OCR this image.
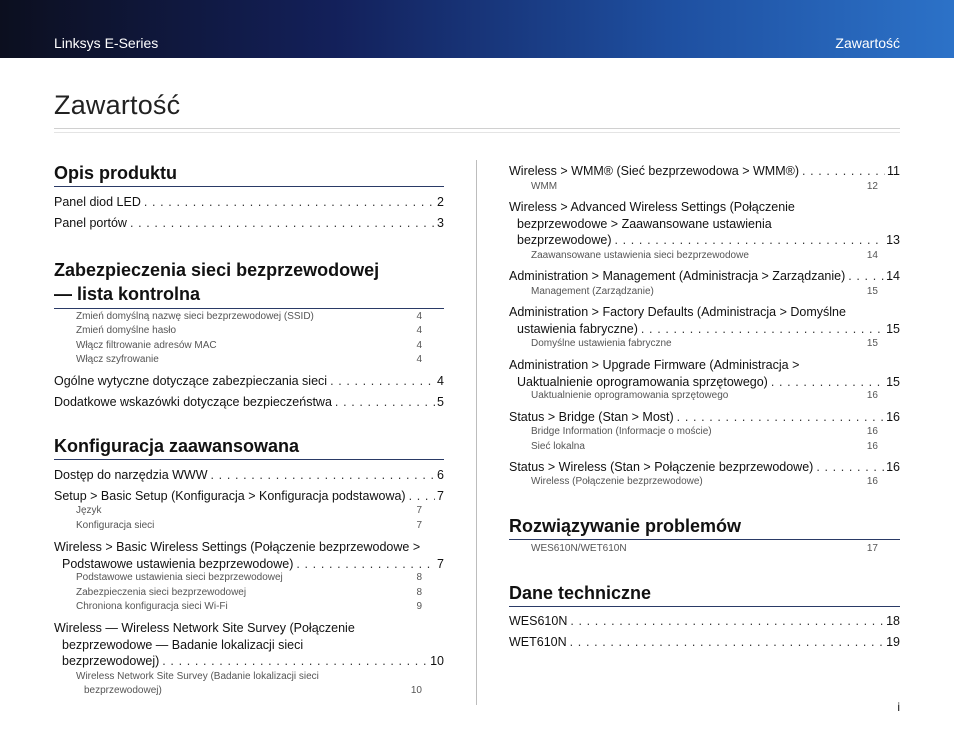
Linksys E-Series	Zawartość
Zawartość
Opis produktu
Panel diod LED . . .	2
Panel portów . . .	3
Zabezpieczenia sieci bezprzewodowej
— lista kontrolna
Zmień domyślną nazwę sieci bezprzewodowej (SSID)	4
Zmień domyślne hasło	4
Włącz filtrowanie adresów MAC	4
Włącz szyfrowanie	4
Ogólne wytyczne dotyczące zabezpieczania sieci . . .	4
Dodatkowe wskazówki dotyczące bezpieczeństwa . . .	5
Konfiguracja zaawansowana
Dostęp do narzędzia WWW . . .	6
Setup > Basic Setup (Konfiguracja > Konfiguracja podstawowa) . . .	7
Język	7
Konfiguracja sieci	7
Wireless > Basic Wireless Settings (Połączenie bezprzewodowe >
Podstawowe ustawienia bezprzewodowe) . . .	7
Podstawowe ustawienia sieci bezprzewodowej	8
Zabezpieczenia sieci bezprzewodowej	8
Chroniona konfiguracja sieci Wi-Fi	9
Wireless — Wireless Network Site Survey (Połączenie
bezprzewodowe — Badanie lokalizacji sieci
bezprzewodowej) . . .	10
Wireless Network Site Survey (Badanie lokalizacji sieci
bezprzewodowej)	10
Wireless > WMM® (Sieć bezprzewodowa > WMM®) . . .	11
WMM	12
Wireless > Advanced Wireless Settings (Połączenie
bezprzewodowe > Zaawansowane ustawienia
bezprzewodowe) . . .	13
Zaawansowane ustawienia sieci bezprzewodowe	14
Administration > Management (Administracja > Zarządzanie) . . .	14
Management (Zarządzanie)	15
Administration > Factory Defaults (Administracja > Domyślne
ustawienia fabryczne) . . .	15
Domyślne ustawienia fabryczne	15
Administration > Upgrade Firmware (Administracja >
Uaktualnienie oprogramowania sprzętowego) . . .	15
Uaktualnienie oprogramowania sprzętowego	16
Status > Bridge (Stan > Most) . . .	16
Bridge Information (Informacje o moście)	16
Sieć lokalna	16
Status > Wireless (Stan > Połączenie bezprzewodowe) . . .	16
Wireless (Połączenie bezprzewodowe)	16
Rozwiązywanie problemów
WES610N/WET610N	17
Dane techniczne
WES610N . . .	18
WET610N . . .	19
i
